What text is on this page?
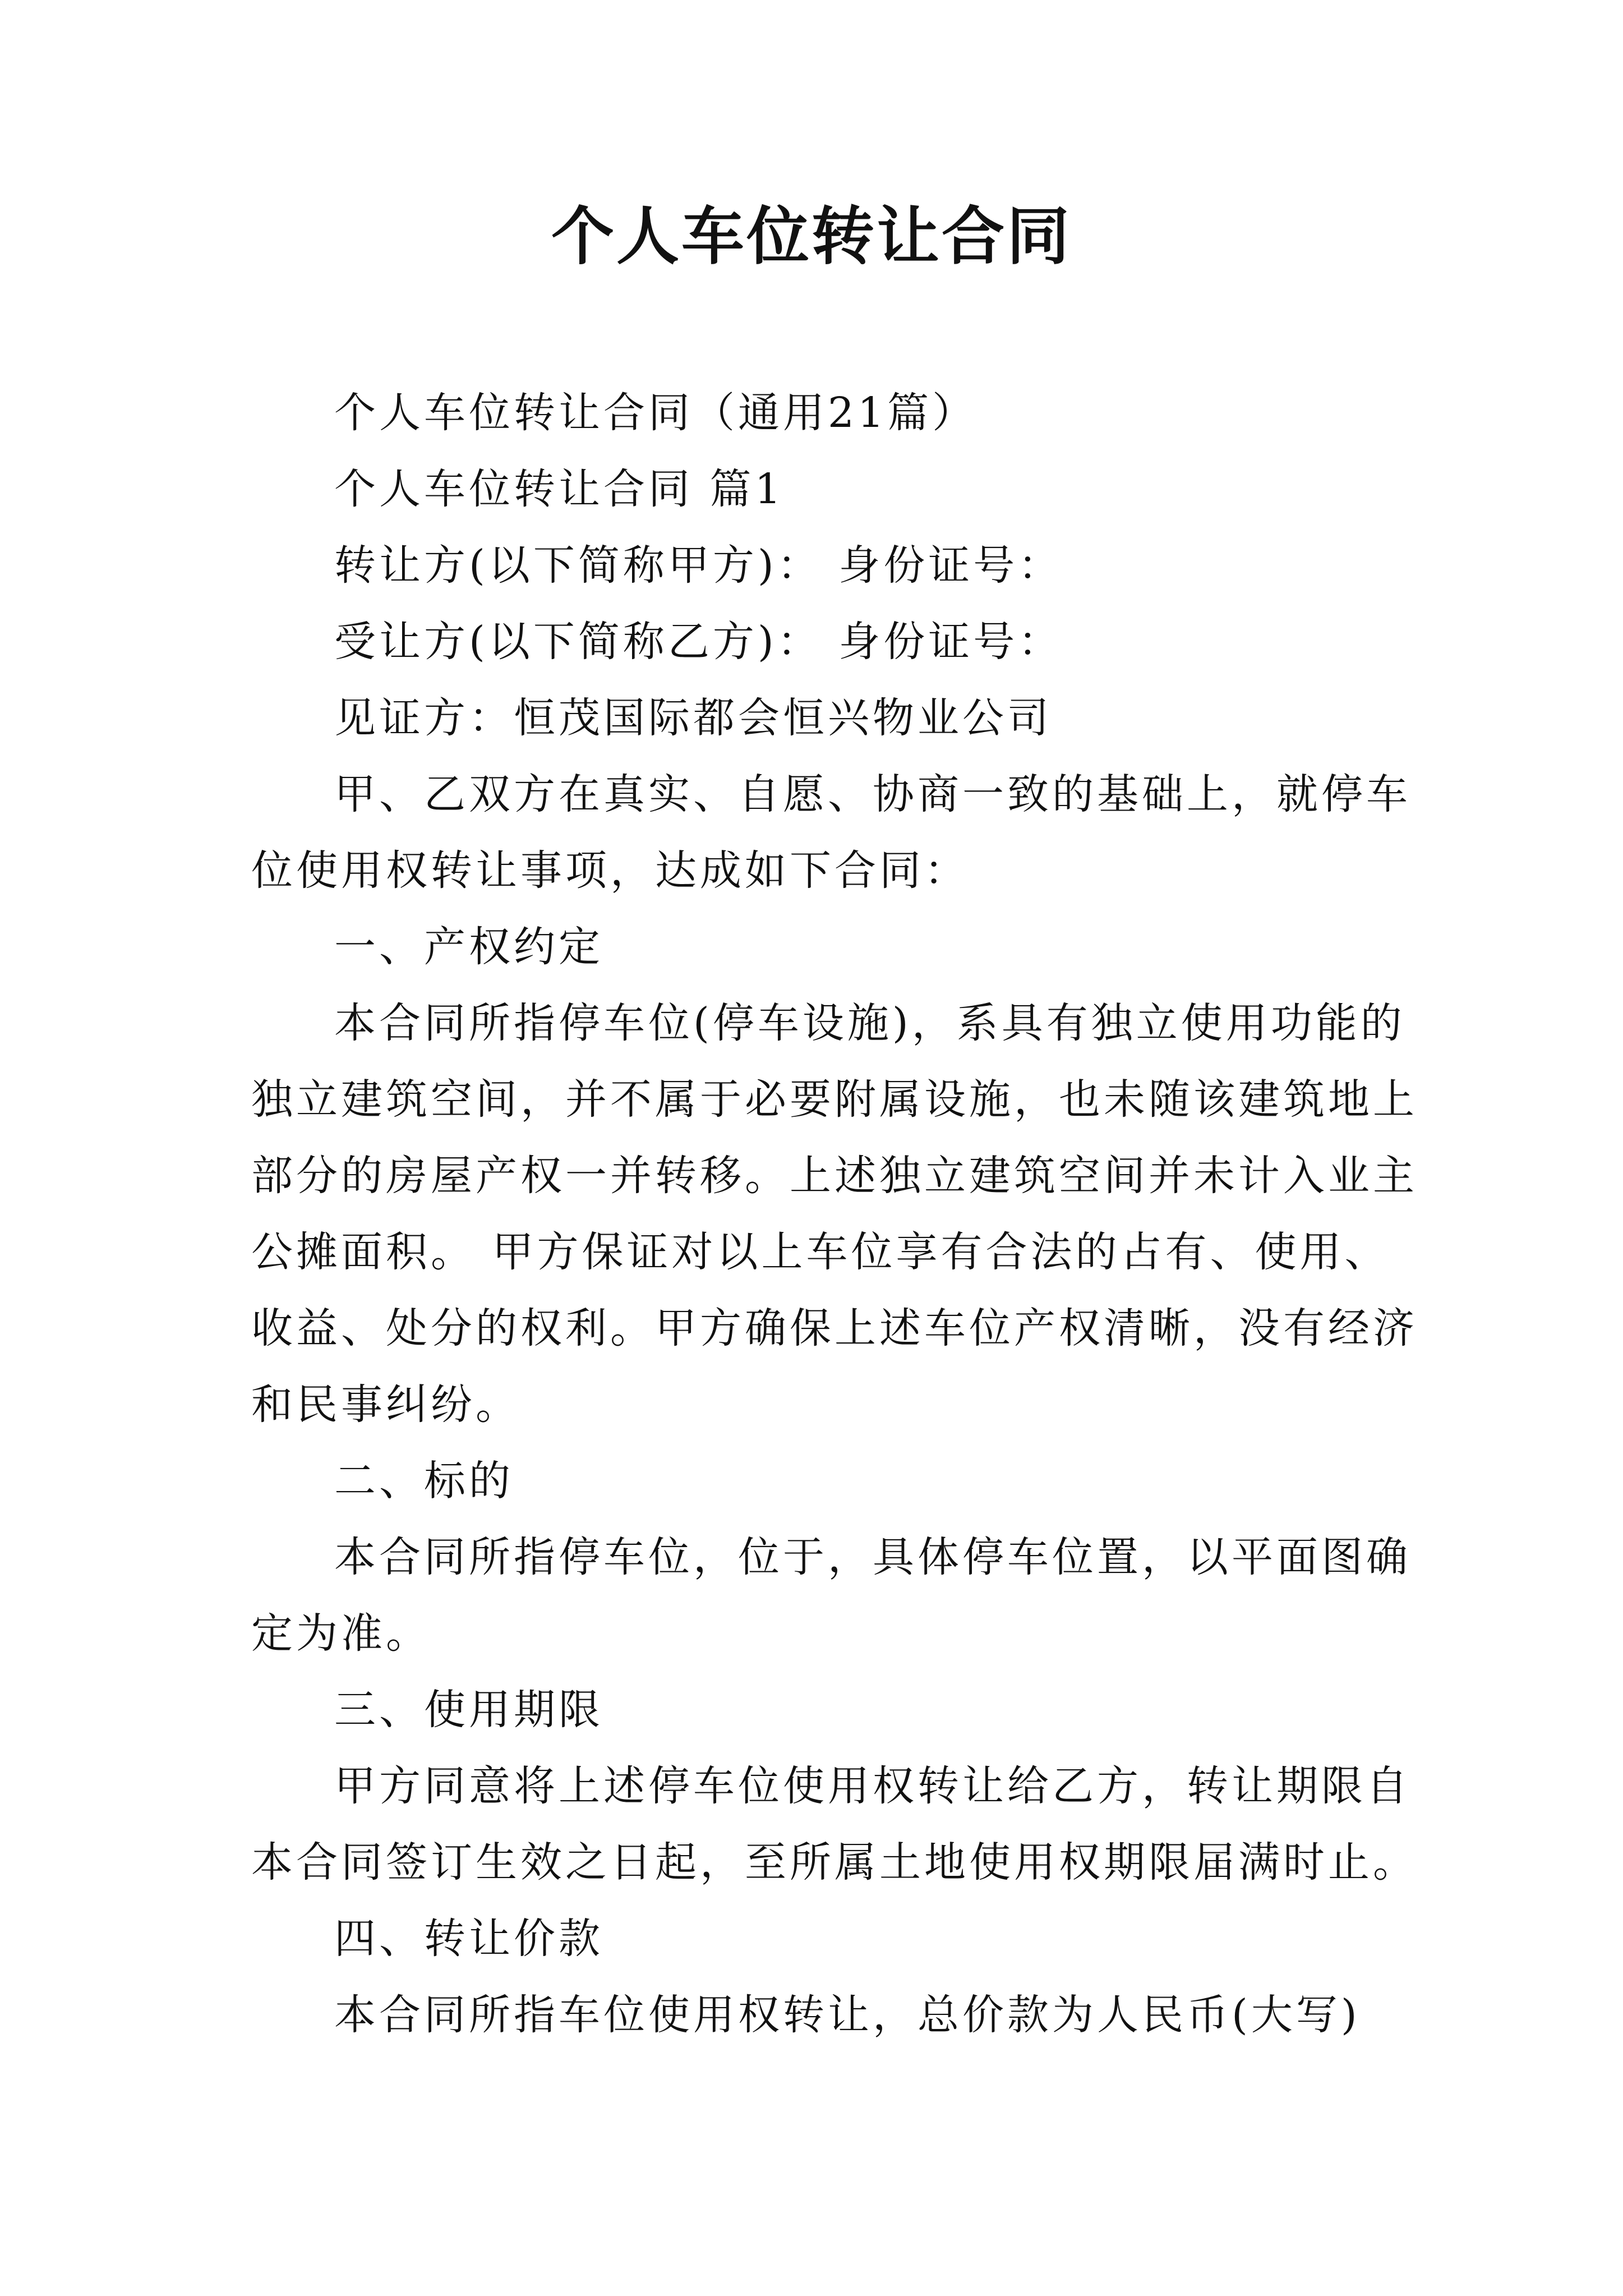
个人车位转让合同
个人车位转让合同（通用21篇）
个人车位转让合同 篇1
转让方(以下简称甲方)： 身份证号：
受让方(以下简称乙方)： 身份证号：
见证方：恒茂国际都会恒兴物业公司
甲、乙双方在真实、自愿、协商一致的基础上，就停车
位使用权转让事项，达成如下合同：
一、产权约定
本合同所指停车位(停车设施)，系具有独立使用功能的
独立建筑空间，并不属于必要附属设施，也未随该建筑地上
部分的房屋产权一并转移。上述独立建筑空间并未计入业主
公摊面积。 甲方保证对以上车位享有合法的占有、使用、
收益、处分的权利。甲方确保上述车位产权清晰，没有经济
和民事纠纷。
二、标的
本合同所指停车位，位于，具体停车位置，以平面图确
定为准。
三、使用期限
甲方同意将上述停车位使用权转让给乙方，转让期限自
本合同签订生效之日起，至所属土地使用权期限届满时止。
四、转让价款
本合同所指车位使用权转让，总价款为人民币(大写)
